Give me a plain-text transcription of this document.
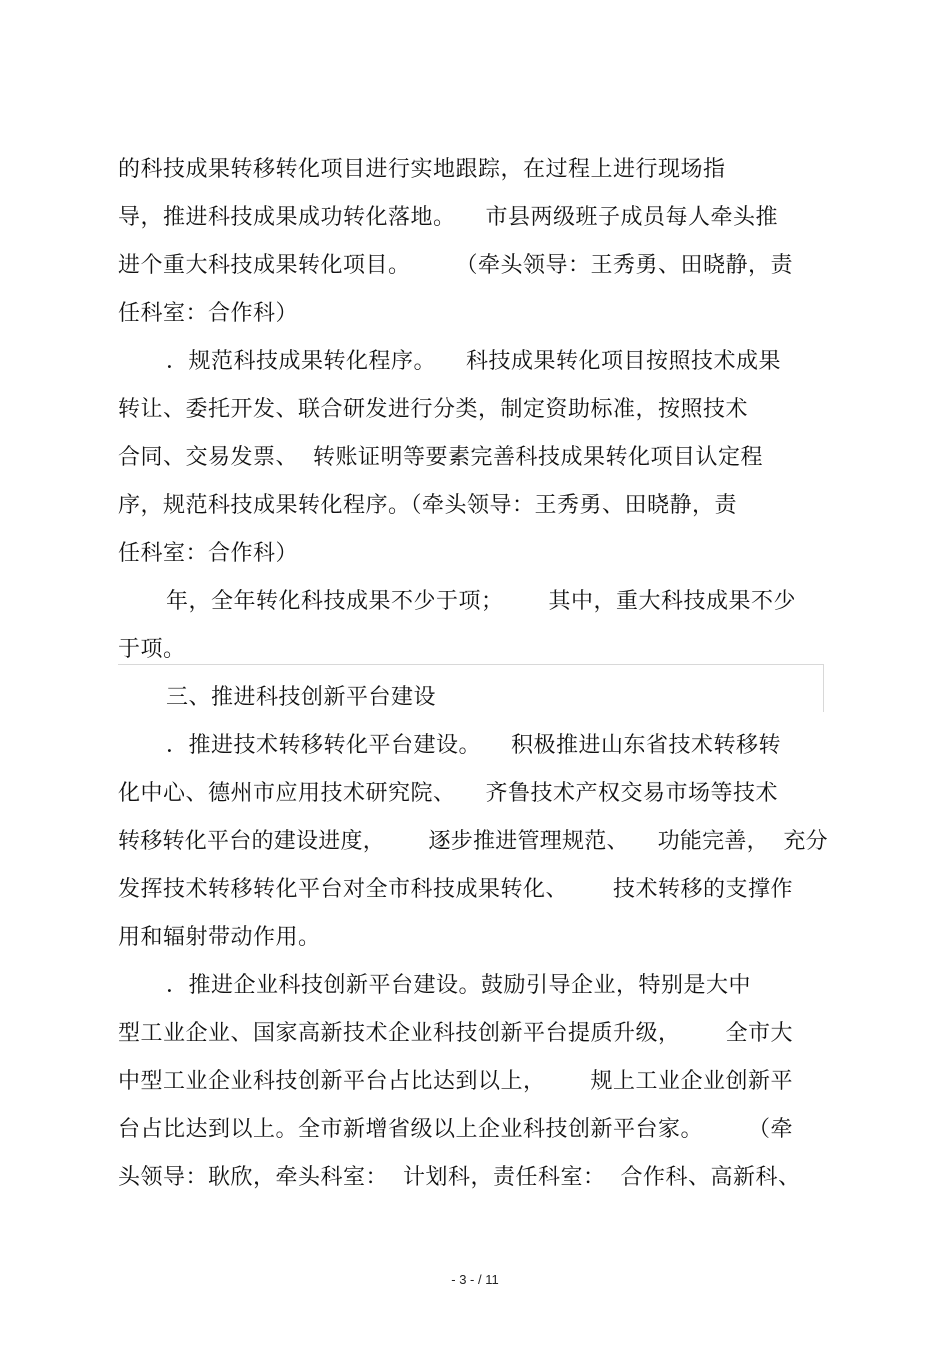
的科技成果转移转化项目进行实地跟踪，在过程上进行现场指
导，推进科技成果成功转化落地。    市县两级班子成员每人牵头推
进个重大科技成果转化项目。      （牵头领导：王秀勇、田晓静，责
任科室：合作科）
．规范科技成果转化程序。    科技成果转化项目按照技术成果
转让、委托开发、联合研发进行分类，制定资助标准，按照技术
合同、交易发票、  转账证明等要素完善科技成果转化项目认定程
序，规范科技成果转化程序。（牵头领导：王秀勇、田晓静，责
任科室：合作科）
年，全年转化科技成果不少于项；      其中，重大科技成果不少
于项。
三、推进科技创新平台建设
．推进技术转移转化平台建设。    积极推进山东省技术转移转
化中心、德州市应用技术研究院、    齐鲁技术产权交易市场等技术
转移转化平台的建设进度，      逐步推进管理规范、    功能完善，  充分
发挥技术转移转化平台对全市科技成果转化、      技术转移的支撑作
用和辐射带动作用。
．推进企业科技创新平台建设。鼓励引导企业，特别是大中
型工业企业、国家高新技术企业科技创新平台提质升级，      全市大
中型工业企业科技创新平台占比达到以上，      规上工业企业创新平
台占比达到以上。全市新增省级以上企业科技创新平台家。      （牵
头领导：耿欣，牵头科室：  计划科，责任科室：  合作科、高新科、
- 3 - / 11
